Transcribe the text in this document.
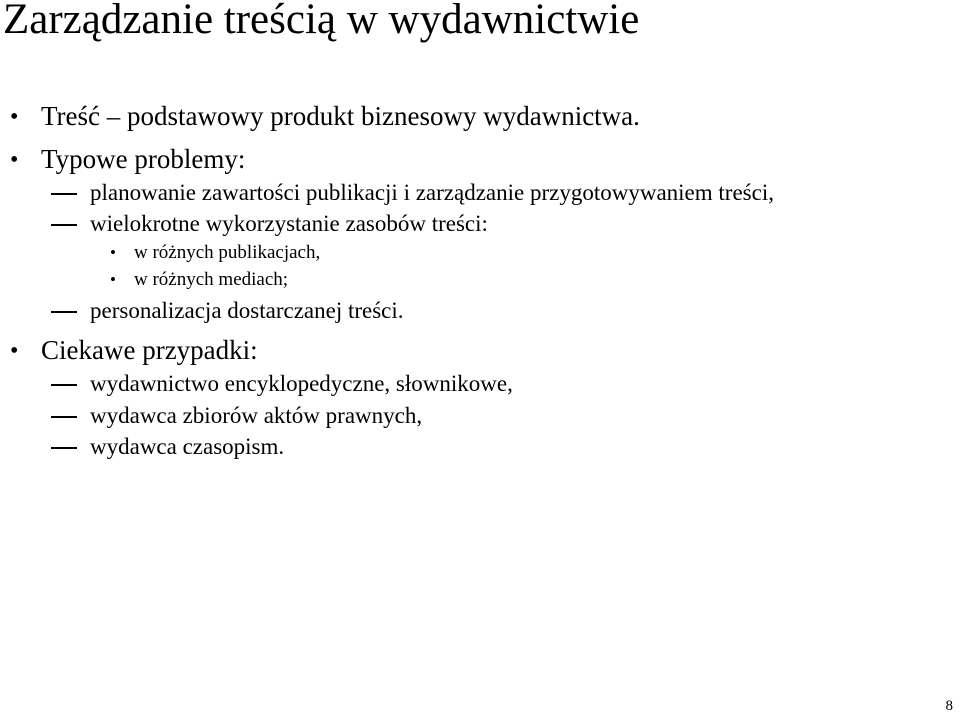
Zarządzanie treścią w wydawnictwie
• Treść – podstawowy produkt biznesowy wydawnictwa.
• Typowe problemy:
planowanie zawartości publikacji i zarządzanie przygotowywaniem treści,
wielokrotne wykorzystanie zasobów treści:
• w różnych publikacjach,
• w różnych mediach;
personalizacja dostarczanej treści.
• Ciekawe przypadki:
wydawnictwo encyklopedyczne, słownikowe,
wydawca zbiorów aktów prawnych,
wydawca czasopism.
8
